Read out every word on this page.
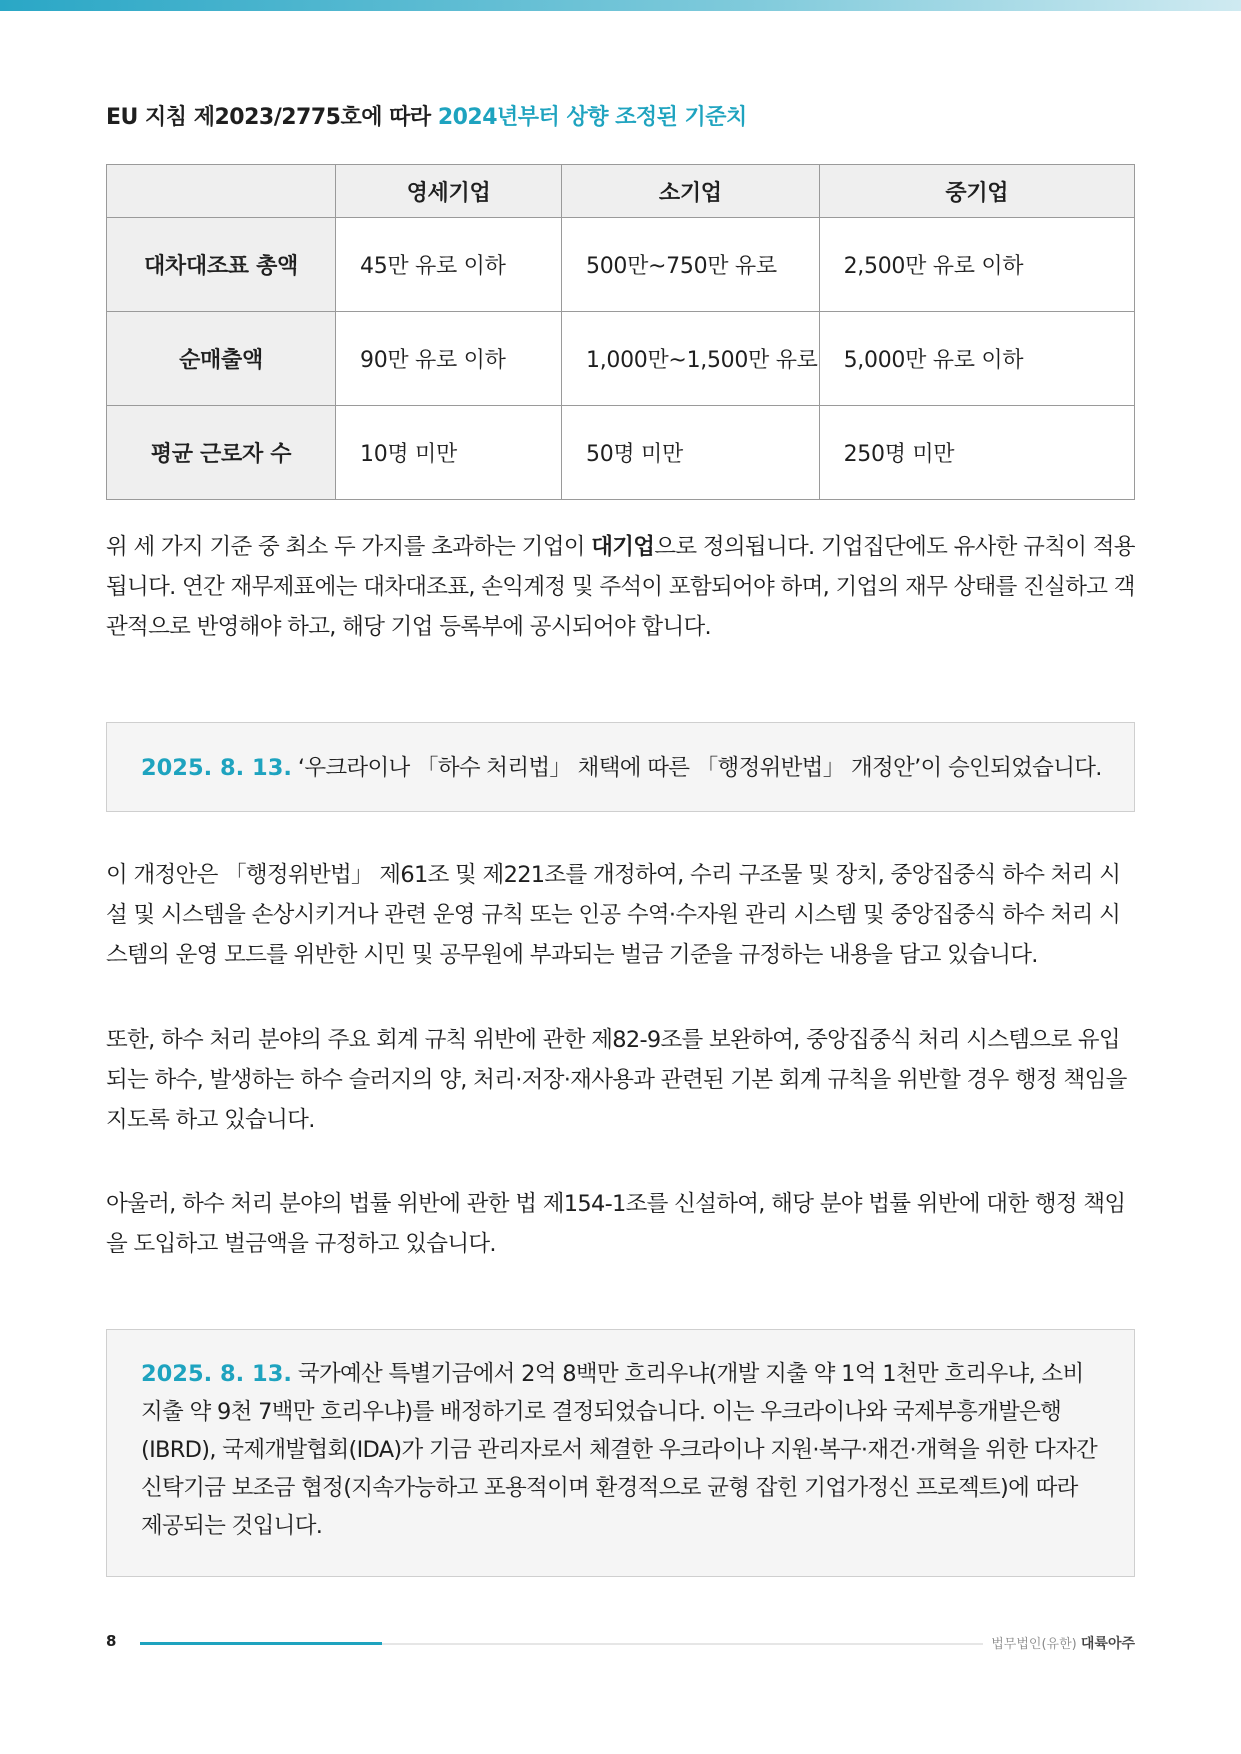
EU 지침 제2023/2775호에 따라 2024년부터 상향 조정된 기준치
	영세기업	소기업	중기업
대차대조표 총액	45만 유로 이하	500만~750만 유로	2,500만 유로 이하
순매출액	90만 유로 이하	1,000만~1,500만 유로	5,000만 유로 이하
평균 근로자 수	10명 미만	50명 미만	250명 미만

위 세 가지 기준 중 최소 두 가지를 초과하는 기업이 대기업으로 정의됩니다. 기업집단에도 유사한 규칙이 적용됩니다. 연간 재무제표에는 대차대조표, 손익계정 및 주석이 포함되어야 하며, 기업의 재무 상태를 진실하고 객관적으로 반영해야 하고, 해당 기업 등록부에 공시되어야 합니다.

2025. 8. 13. ‘우크라이나 「하수 처리법」 채택에 따른 「행정위반법」 개정안’이 승인되었습니다.

이 개정안은 「행정위반법」 제61조 및 제221조를 개정하여, 수리 구조물 및 장치, 중앙집중식 하수 처리 시설 및 시스템을 손상시키거나 관련 운영 규칙 또는 인공 수역·수자원 관리 시스템 및 중앙집중식 하수 처리 시스템의 운영 모드를 위반한 시민 및 공무원에 부과되는 벌금 기준을 규정하는 내용을 담고 있습니다.

또한, 하수 처리 분야의 주요 회계 규칙 위반에 관한 제82-9조를 보완하여, 중앙집중식 처리 시스템으로 유입되는 하수, 발생하는 하수 슬러지의 양, 처리·저장·재사용과 관련된 기본 회계 규칙을 위반할 경우 행정 책임을 지도록 하고 있습니다.

아울러, 하수 처리 분야의 법률 위반에 관한 법 제154-1조를 신설하여, 해당 분야 법률 위반에 대한 행정 책임을 도입하고 벌금액을 규정하고 있습니다.

2025. 8. 13. 국가예산 특별기금에서 2억 8백만 흐리우냐(개발 지출 약 1억 1천만 흐리우냐, 소비 지출 약 9천 7백만 흐리우냐)를 배정하기로 결정되었습니다. 이는 우크라이나와 국제부흥개발은행(IBRD), 국제개발협회(IDA)가 기금 관리자로서 체결한 우크라이나 지원·복구·재건·개혁을 위한 다자간 신탁기금 보조금 협정(지속가능하고 포용적이며 환경적으로 균형 잡힌 기업가정신 프로젝트)에 따라 제공되는 것입니다.
8	법무법인(유한) 대륙아주
